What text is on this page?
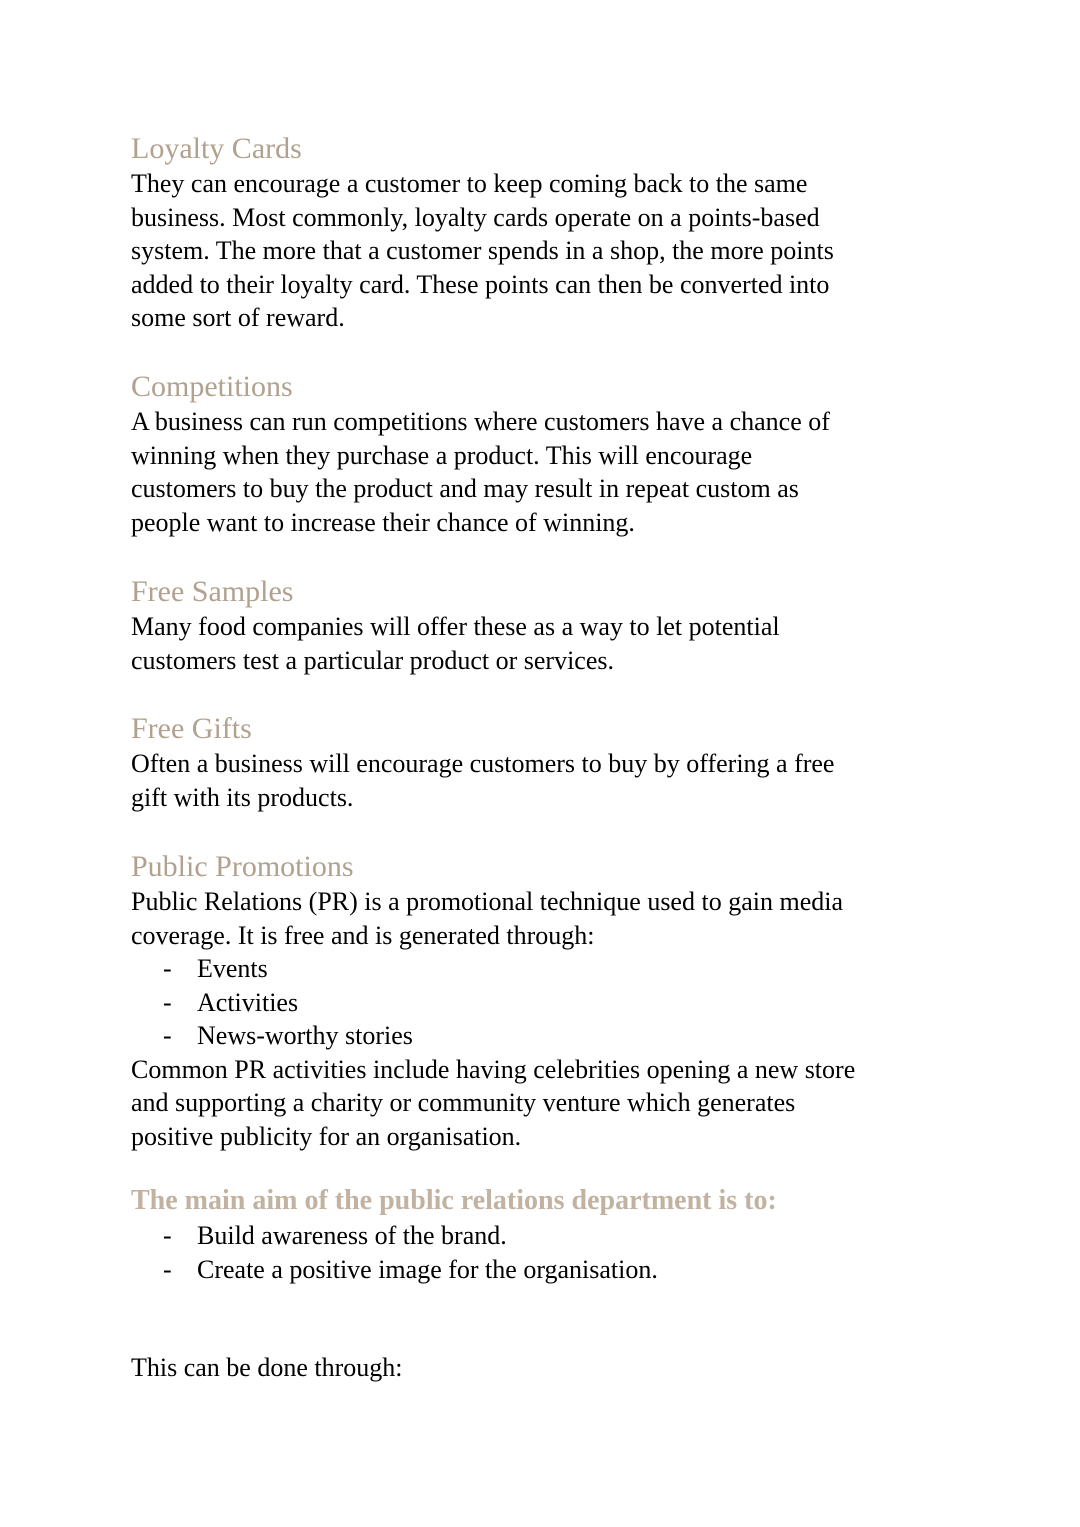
Loyalty Cards

They can encourage a customer to keep coming back to the same

business. Most commonly, loyalty cards operate on a points-based

system. The more that a customer spends in a shop, the more points

added to their loyalty card. These points can then be converted into

some sort of reward.

Competitions

A business can run competitions where customers have a chance of

winning when they purchase a product. This will encourage

customers to buy the product and may result in repeat custom as

people want to increase their chance of winning.

Free Samples

Many food companies will offer these as a way to let potential

customers test a particular product or services.

Free Gifts

Often a business will encourage customers to buy by offering a free

gift with its products.

Public Promotions

Public Relations (PR) is a promotional technique used to gain media

coverage. It is free and is generated through:

- Events
- Activities
- News-worthy stories

Common PR activities include having celebrities opening a new store

and supporting a charity or community venture which generates

positive publicity for an organisation.

The main aim of the public relations department is to:
- Build awareness of the brand.
- Create a positive image for the organisation.

This can be done through:
